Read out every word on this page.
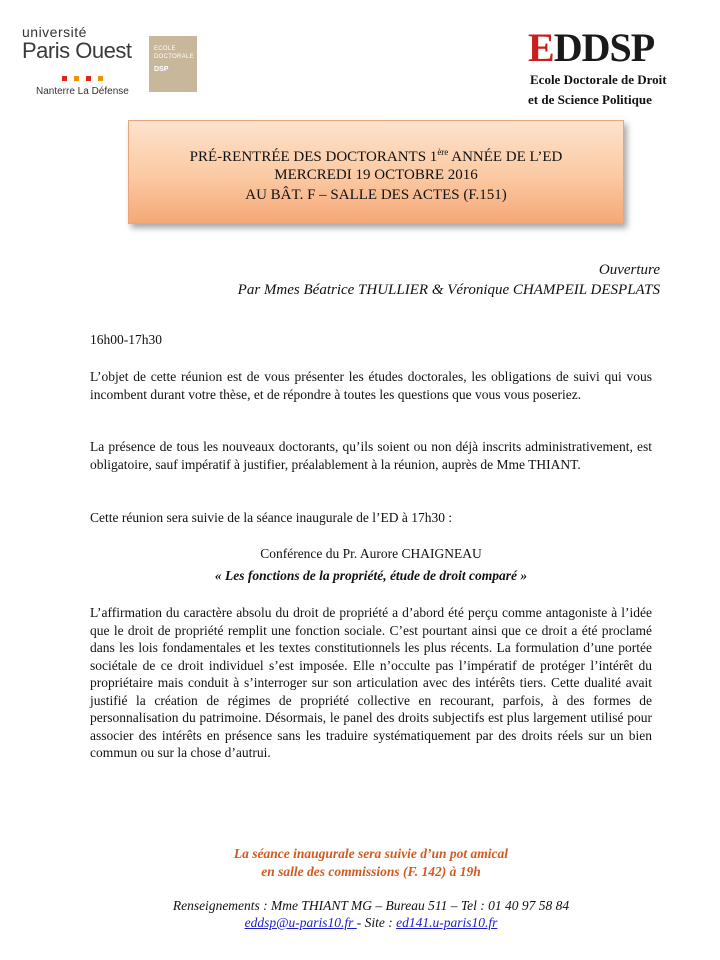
université
Paris Ouest
Nanterre La Défense
ECOLE
DOCTORALE
DSP	EDDSP
Ecole Doctorale de Droit
et de Science Politique
PRÉ-RENTRÉE DES DOCTORANTS 1ère ANNÉE DE L’ED
MERCREDI 19 OCTOBRE 2016
AU BÂT. F – SALLE DES ACTES (F.151)
Ouverture
Par Mmes Béatrice THULLIER & Véronique CHAMPEIL DESPLATS
16h00-17h30
L’objet de cette réunion est de vous présenter les études doctorales, les obligations de suivi qui vous incombent durant votre thèse, et de répondre à toutes les questions que vous vous poseriez.
La présence de tous les nouveaux doctorants, qu’ils soient ou non déjà inscrits administrativement, est obligatoire, sauf impératif à justifier, préalablement à la réunion, auprès de Mme THIANT.
Cette réunion sera suivie de la séance inaugurale de l’ED à 17h30 :
Conférence du Pr. Aurore CHAIGNEAU
« Les fonctions de la propriété, étude de droit comparé »
L’affirmation du caractère absolu du droit de propriété a d’abord été perçu comme antagoniste à l’idée que le droit de propriété remplit une fonction sociale. C’est pourtant ainsi que ce droit a été proclamé dans les lois fondamentales et les textes constitutionnels les plus récents. La formulation d’une portée sociétale de ce droit individuel s’est imposée. Elle n’occulte pas l’impératif de protéger l’intérêt du propriétaire mais conduit à s’interroger sur son articulation avec des intérêts tiers. Cette dualité avait justifié la création de régimes de propriété collective en recourant, parfois, à des formes de personnalisation du patrimoine. Désormais, le panel des droits subjectifs est plus largement utilisé pour associer des intérêts en présence sans les traduire systématiquement par des droits réels sur un bien commun ou sur la chose d’autrui.
La séance inaugurale sera suivie d’un pot amical
en salle des commissions (F. 142) à 19h
Renseignements : Mme THIANT MG – Bureau 511 – Tel : 01 40 97 58 84
eddsp@u-paris10.fr - Site : ed141.u-paris10.fr
